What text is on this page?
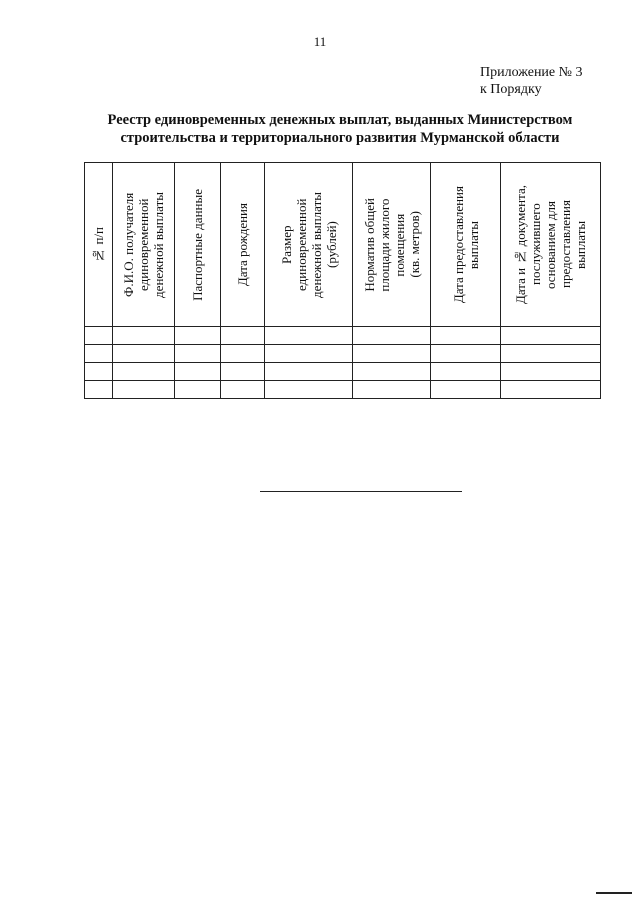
11
Приложение № 3
к Порядку
Реестр единовременных денежных выплат, выданных Министерством
строительства и территориального развития Мурманской области
№ п/п	Ф.И.О. получателя
единовременной
денежной выплаты	Паспортные данные	Дата рождения	Размер
единовременной
денежной выплаты
(рублей)	Норматив общей
площади жилого
помещения
(кв. метров)	Дата предоставления
выплаты	Дата и № документа,
послужившего
основанием для
предоставления
выплаты
